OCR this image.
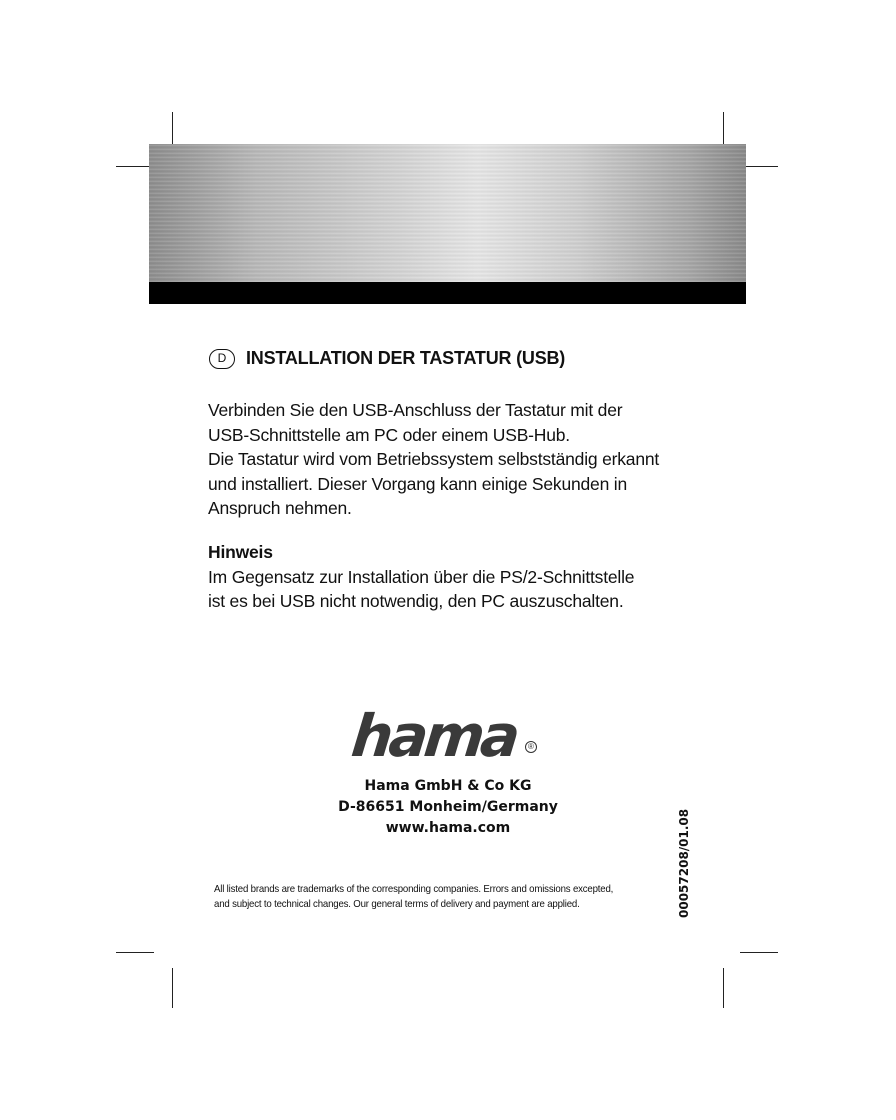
D	INSTALLATION DER TASTATUR (USB)
Verbinden Sie den USB-Anschluss der Tastatur mit der
USB-Schnittstelle am PC oder einem USB-Hub.
Die Tastatur wird vom Betriebssystem selbstständig erkannt
und installiert. Dieser Vorgang kann einige Sekunden in
Anspruch nehmen.
Hinweis
Im Gegensatz zur Installation über die PS/2-Schnittstelle
ist es bei USB nicht notwendig, den PC auszuschalten.
hama	®
Hama GmbH & Co KG
D-86651 Monheim/Germany
www.hama.com
All listed brands are trademarks of the corresponding companies. Errors and omissions excepted,
and subject to technical changes. Our general terms of delivery and payment are applied.	00057208/01.08
